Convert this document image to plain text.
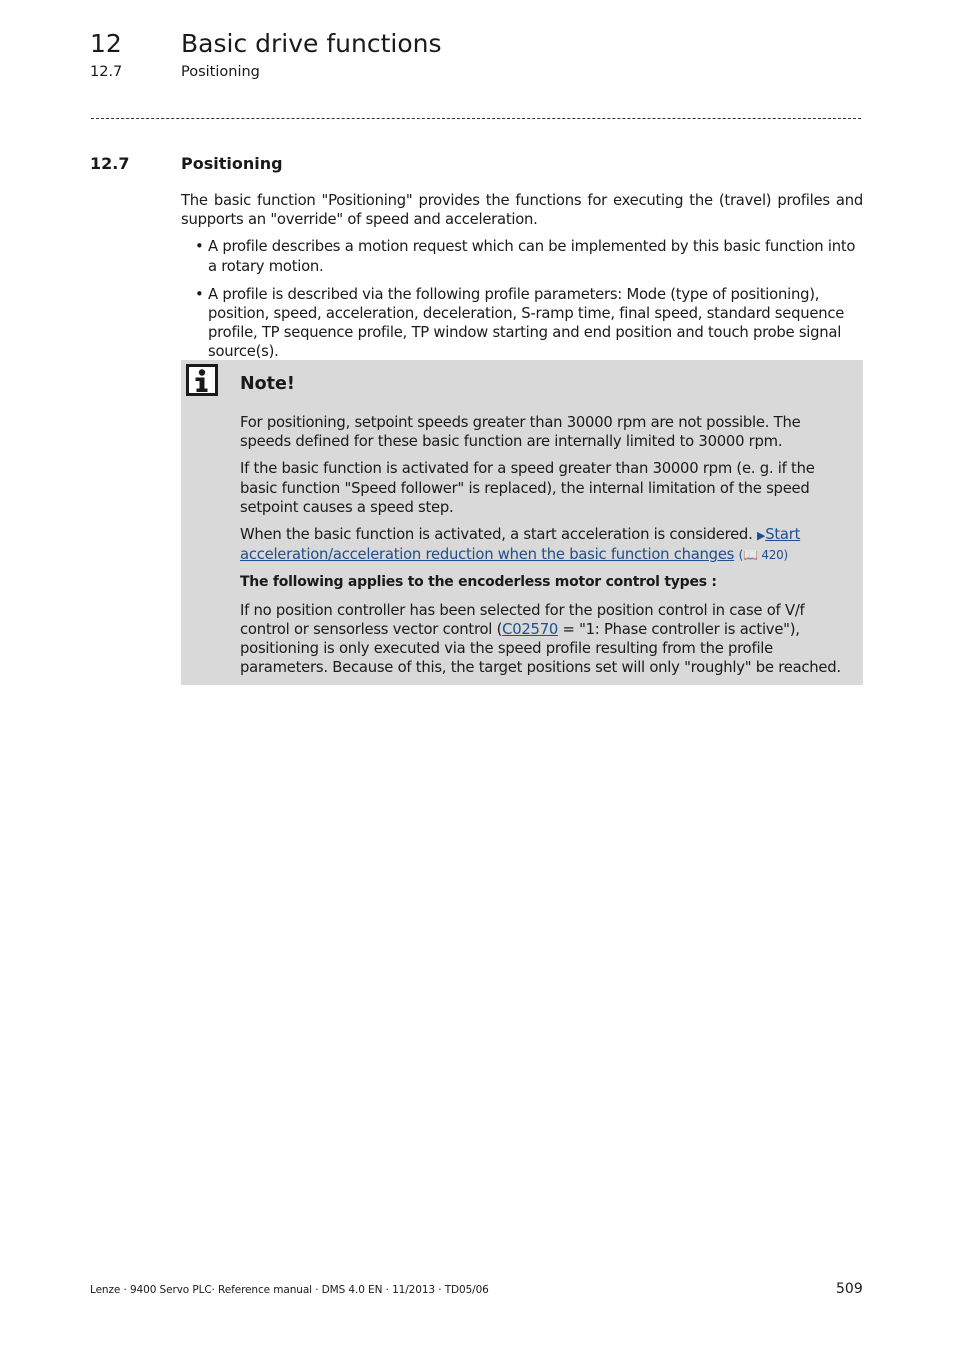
12 Basic drive functions
12.7	Positioning
12.7	Positioning

The basic function "Positioning" provides the functions for executing the (travel) profiles and supports an "override" of speed and acceleration.

• A profile describes a motion request which can be implemented by this basic function into a rotary motion.
• A profile is described via the following profile parameters: Mode (type of positioning), position, speed, acceleration, deceleration, S-ramp time, final speed, standard sequence profile, TP sequence profile, TP window starting and end position and touch probe signal source(s).
Note!

For positioning, setpoint speeds greater than 30000 rpm are not possible. The speeds defined for these basic function are internally limited to 30000 rpm.

If the basic function is activated for a speed greater than 30000 rpm (e. g. if the basic function "Speed follower" is replaced), the internal limitation of the speed setpoint causes a speed step.

When the basic function is activated, a start acceleration is considered. ▶Start acceleration/acceleration reduction when the basic function changes (📖 420)

The following applies to the encoderless motor control types :

If no position controller has been selected for the position control in case of V/f control or sensorless vector control (C02570 = "1: Phase controller is active"), positioning is only executed via the speed profile resulting from the profile parameters. Because of this, the target positions set will only "roughly" be reached.

Lenze · 9400 Servo PLC· Reference manual · DMS 4.0 EN · 11/2013 · TD05/06	509
